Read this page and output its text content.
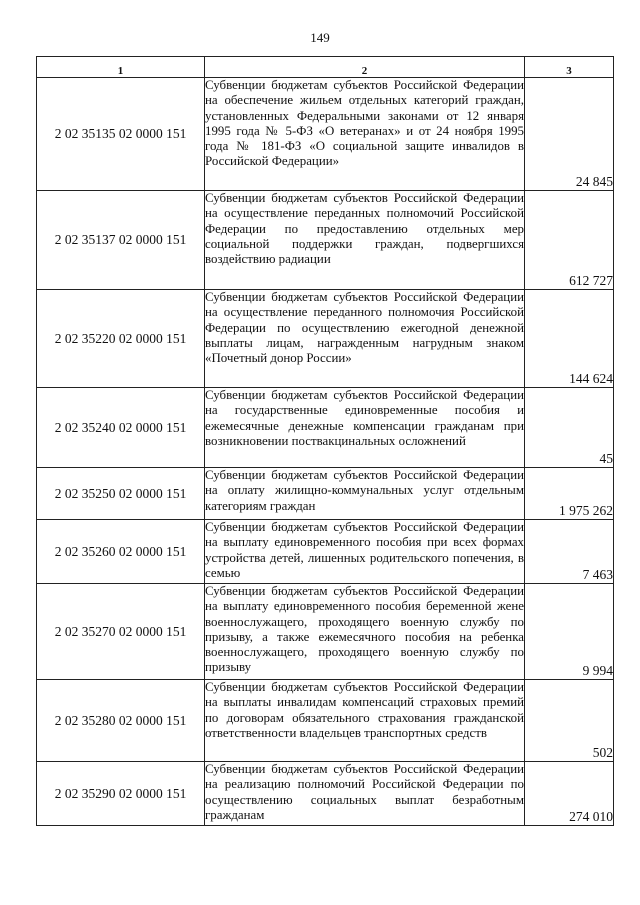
149
1	2	3
2 02 35135 02 0000 151	Субвенции бюджетам субъектов Российской Федерации на обеспечение жильем отдельных категорий граждан, установленных Федеральными законами от 12 января 1995 года № 5-ФЗ «О ветеранах» и от 24 ноября 1995 года № 181-ФЗ «О социальной защите инвалидов в Российской Федерации»	24 845
2 02 35137 02 0000 151	Субвенции бюджетам субъектов Российской Федерации на осуществление переданных полномочий Российской Федерации по предоставлению отдельных мер социальной поддержки граждан, подвергшихся воздействию радиации	612 727
2 02 35220 02 0000 151	Субвенции бюджетам субъектов Российской Федерации на осуществление переданного полномочия Российской Федерации по осуществлению ежегодной денежной выплаты лицам, награжденным нагрудным знаком «Почетный донор России»	144 624
2 02 35240 02 0000 151	Субвенции бюджетам субъектов Российской Федерации на государственные единовременные пособия и ежемесячные денежные компенсации гражданам при возникновении поствакцинальных осложнений	45
2 02 35250 02 0000 151	Субвенции бюджетам субъектов Российской Федерации на оплату жилищно-коммунальных услуг отдельным категориям граждан	1 975 262
2 02 35260 02 0000 151	Субвенции бюджетам субъектов Российской Федерации на выплату единовременного пособия при всех формах устройства детей, лишенных родительского попечения, в семью	7 463
2 02 35270 02 0000 151	Субвенции бюджетам субъектов Российской Федерации на выплату единовременного пособия беременной жене военнослужащего, проходящего военную службу по призыву, а также ежемесячного пособия на ребенка военнослужащего, проходящего военную службу по призыву	9 994
2 02 35280 02 0000 151	Субвенции бюджетам субъектов Российской Федерации на выплаты инвалидам компенсаций страховых премий по договорам обязательного страхования гражданской ответственности владельцев транспортных средств	502
2 02 35290 02 0000 151	Субвенции бюджетам субъектов Российской Федерации на реализацию полномочий Российской Федерации по осуществлению социальных выплат безработным гражданам	274 010
